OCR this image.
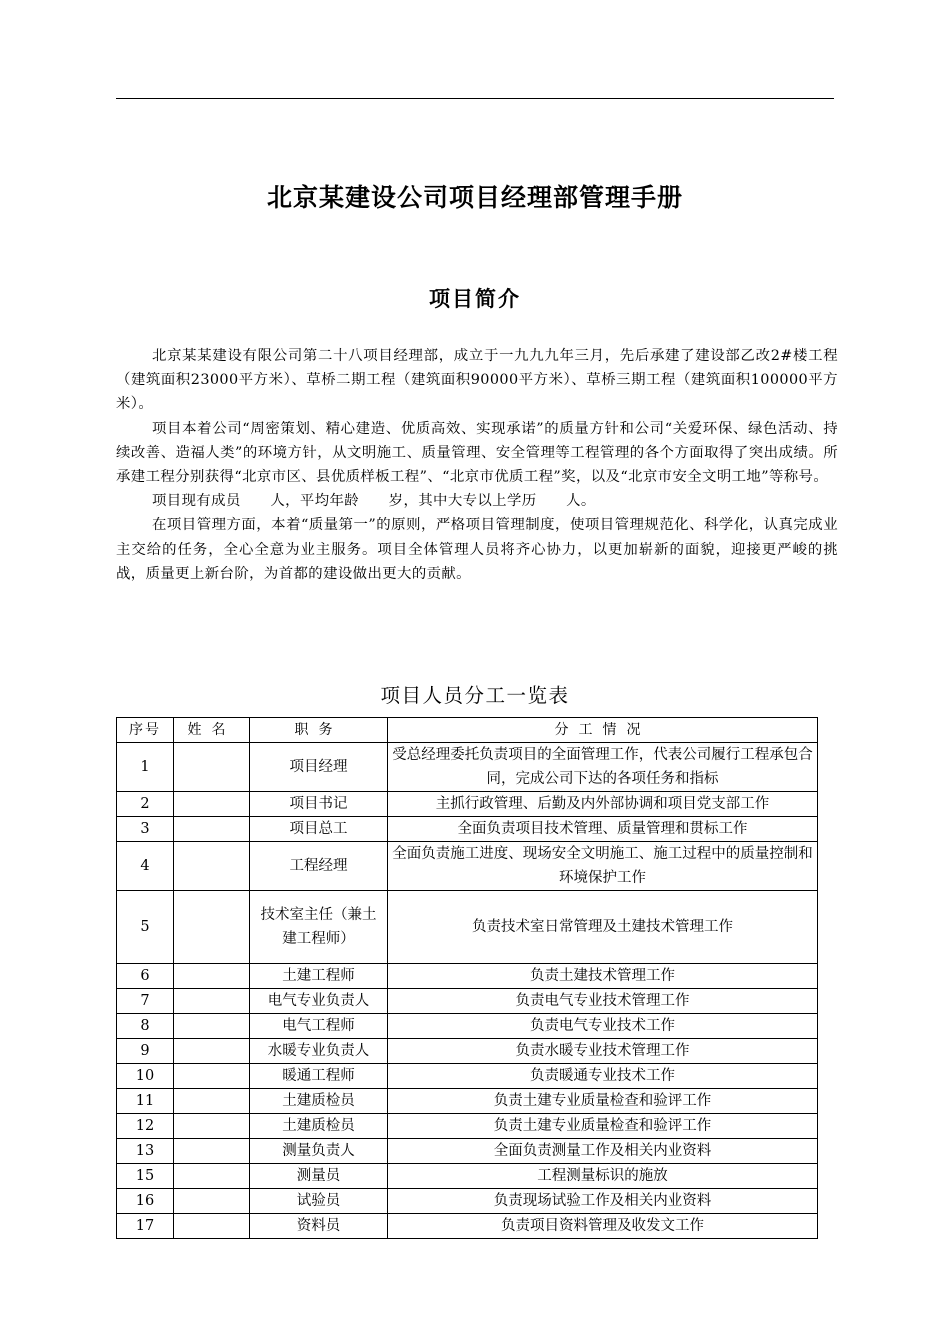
北京某建设公司项目经理部管理手册
项目简介

北京某某建设有限公司第二十八项目经理部，成立于一九九九年三月，先后承建了建设部乙改2#楼工程（建筑面积23000平方米）、草桥二期工程（建筑面积90000平方米）、草桥三期工程（建筑面积100000平方米）。

项目本着公司“周密策划、精心建造、优质高效、实现承诺”的质量方针和公司“关爱环保、绿色活动、持续改善、造福人类”的环境方针，从文明施工、质量管理、安全管理等工程管理的各个方面取得了突出成绩。所承建工程分别获得“北京市区、县优质样板工程”、“北京市优质工程”奖，以及“北京市安全文明工地”等称号。

项目现有成员　　人，平均年龄　　岁，其中大专以上学历　　人。

在项目管理方面，本着“质量第一”的原则，严格项目管理制度，使项目管理规范化、科学化，认真完成业主交给的任务，全心全意为业主服务。项目全体管理人员将齐心协力，以更加崭新的面貌，迎接更严峻的挑战，质量更上新台阶，为首都的建设做出更大的贡献。

项目人员分工一览表
序号	姓名	职务	分工情况
1		项目经理	受总经理委托负责项目的全面管理工作，代表公司履行工程承包合同，完成公司下达的各项任务和指标
2		项目书记	主抓行政管理、后勤及内外部协调和项目党支部工作
3		项目总工	全面负责项目技术管理、质量管理和贯标工作
4		工程经理	全面负责施工进度、现场安全文明施工、施工过程中的质量控制和环境保护工作
5		技术室主任（兼土建工程师）	负责技术室日常管理及土建技术管理工作
6		土建工程师	负责土建技术管理工作
7		电气专业负责人	负责电气专业技术管理工作
8		电气工程师	负责电气专业技术工作
9		水暖专业负责人	负责水暖专业技术管理工作
10		暖通工程师	负责暖通专业技术工作
11		土建质检员	负责土建专业质量检查和验评工作
12		土建质检员	负责土建专业质量检查和验评工作
13		测量负责人	全面负责测量工作及相关内业资料
15		测量员	工程测量标识的施放
16		试验员	负责现场试验工作及相关内业资料
17		资料员	负责项目资料管理及收发文工作
